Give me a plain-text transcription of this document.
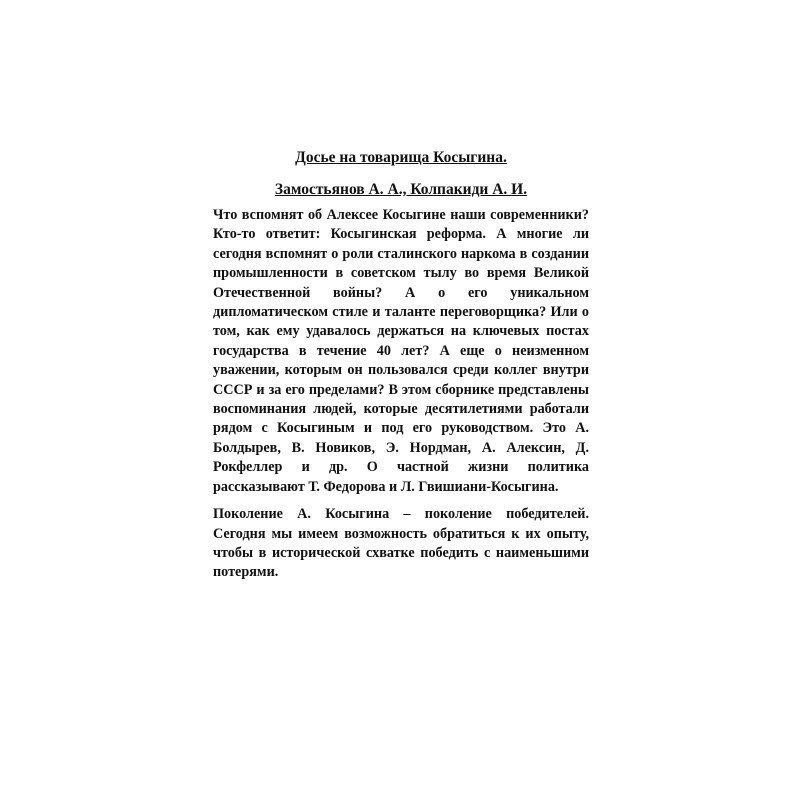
Досье на товарища Косыгина.

Замостьянов А. А., Колпакиди А. И.

Что вспомнят об Алексее Косыгине наши современники? Кто-то ответит: Косыгинская реформа. А многие ли сегодня вспомнят о роли сталинского наркома в создании промышленности в советском тылу во время Великой Отечественной войны? А о его уникальном дипломатическом стиле и таланте переговорщика? Или о том, как ему удавалось держаться на ключевых постах государства в течение 40 лет? А еще о неизменном уважении, которым он пользовался среди коллег внутри СССР и за его пределами? В этом сборнике представлены воспоминания людей, которые десятилетиями работали рядом с Косыгиным и под его руководством. Это А. Болдырев, В. Новиков, Э. Нордман, А. Алексин, Д. Рокфеллер и др. О частной жизни политика рассказывают Т. Федорова и Л. Гвишиани-Косыгина.

Поколение А. Косыгина – поколение победителей. Сегодня мы имеем возможность обратиться к их опыту, чтобы в исторической схватке победить с наименьшими потерями.
